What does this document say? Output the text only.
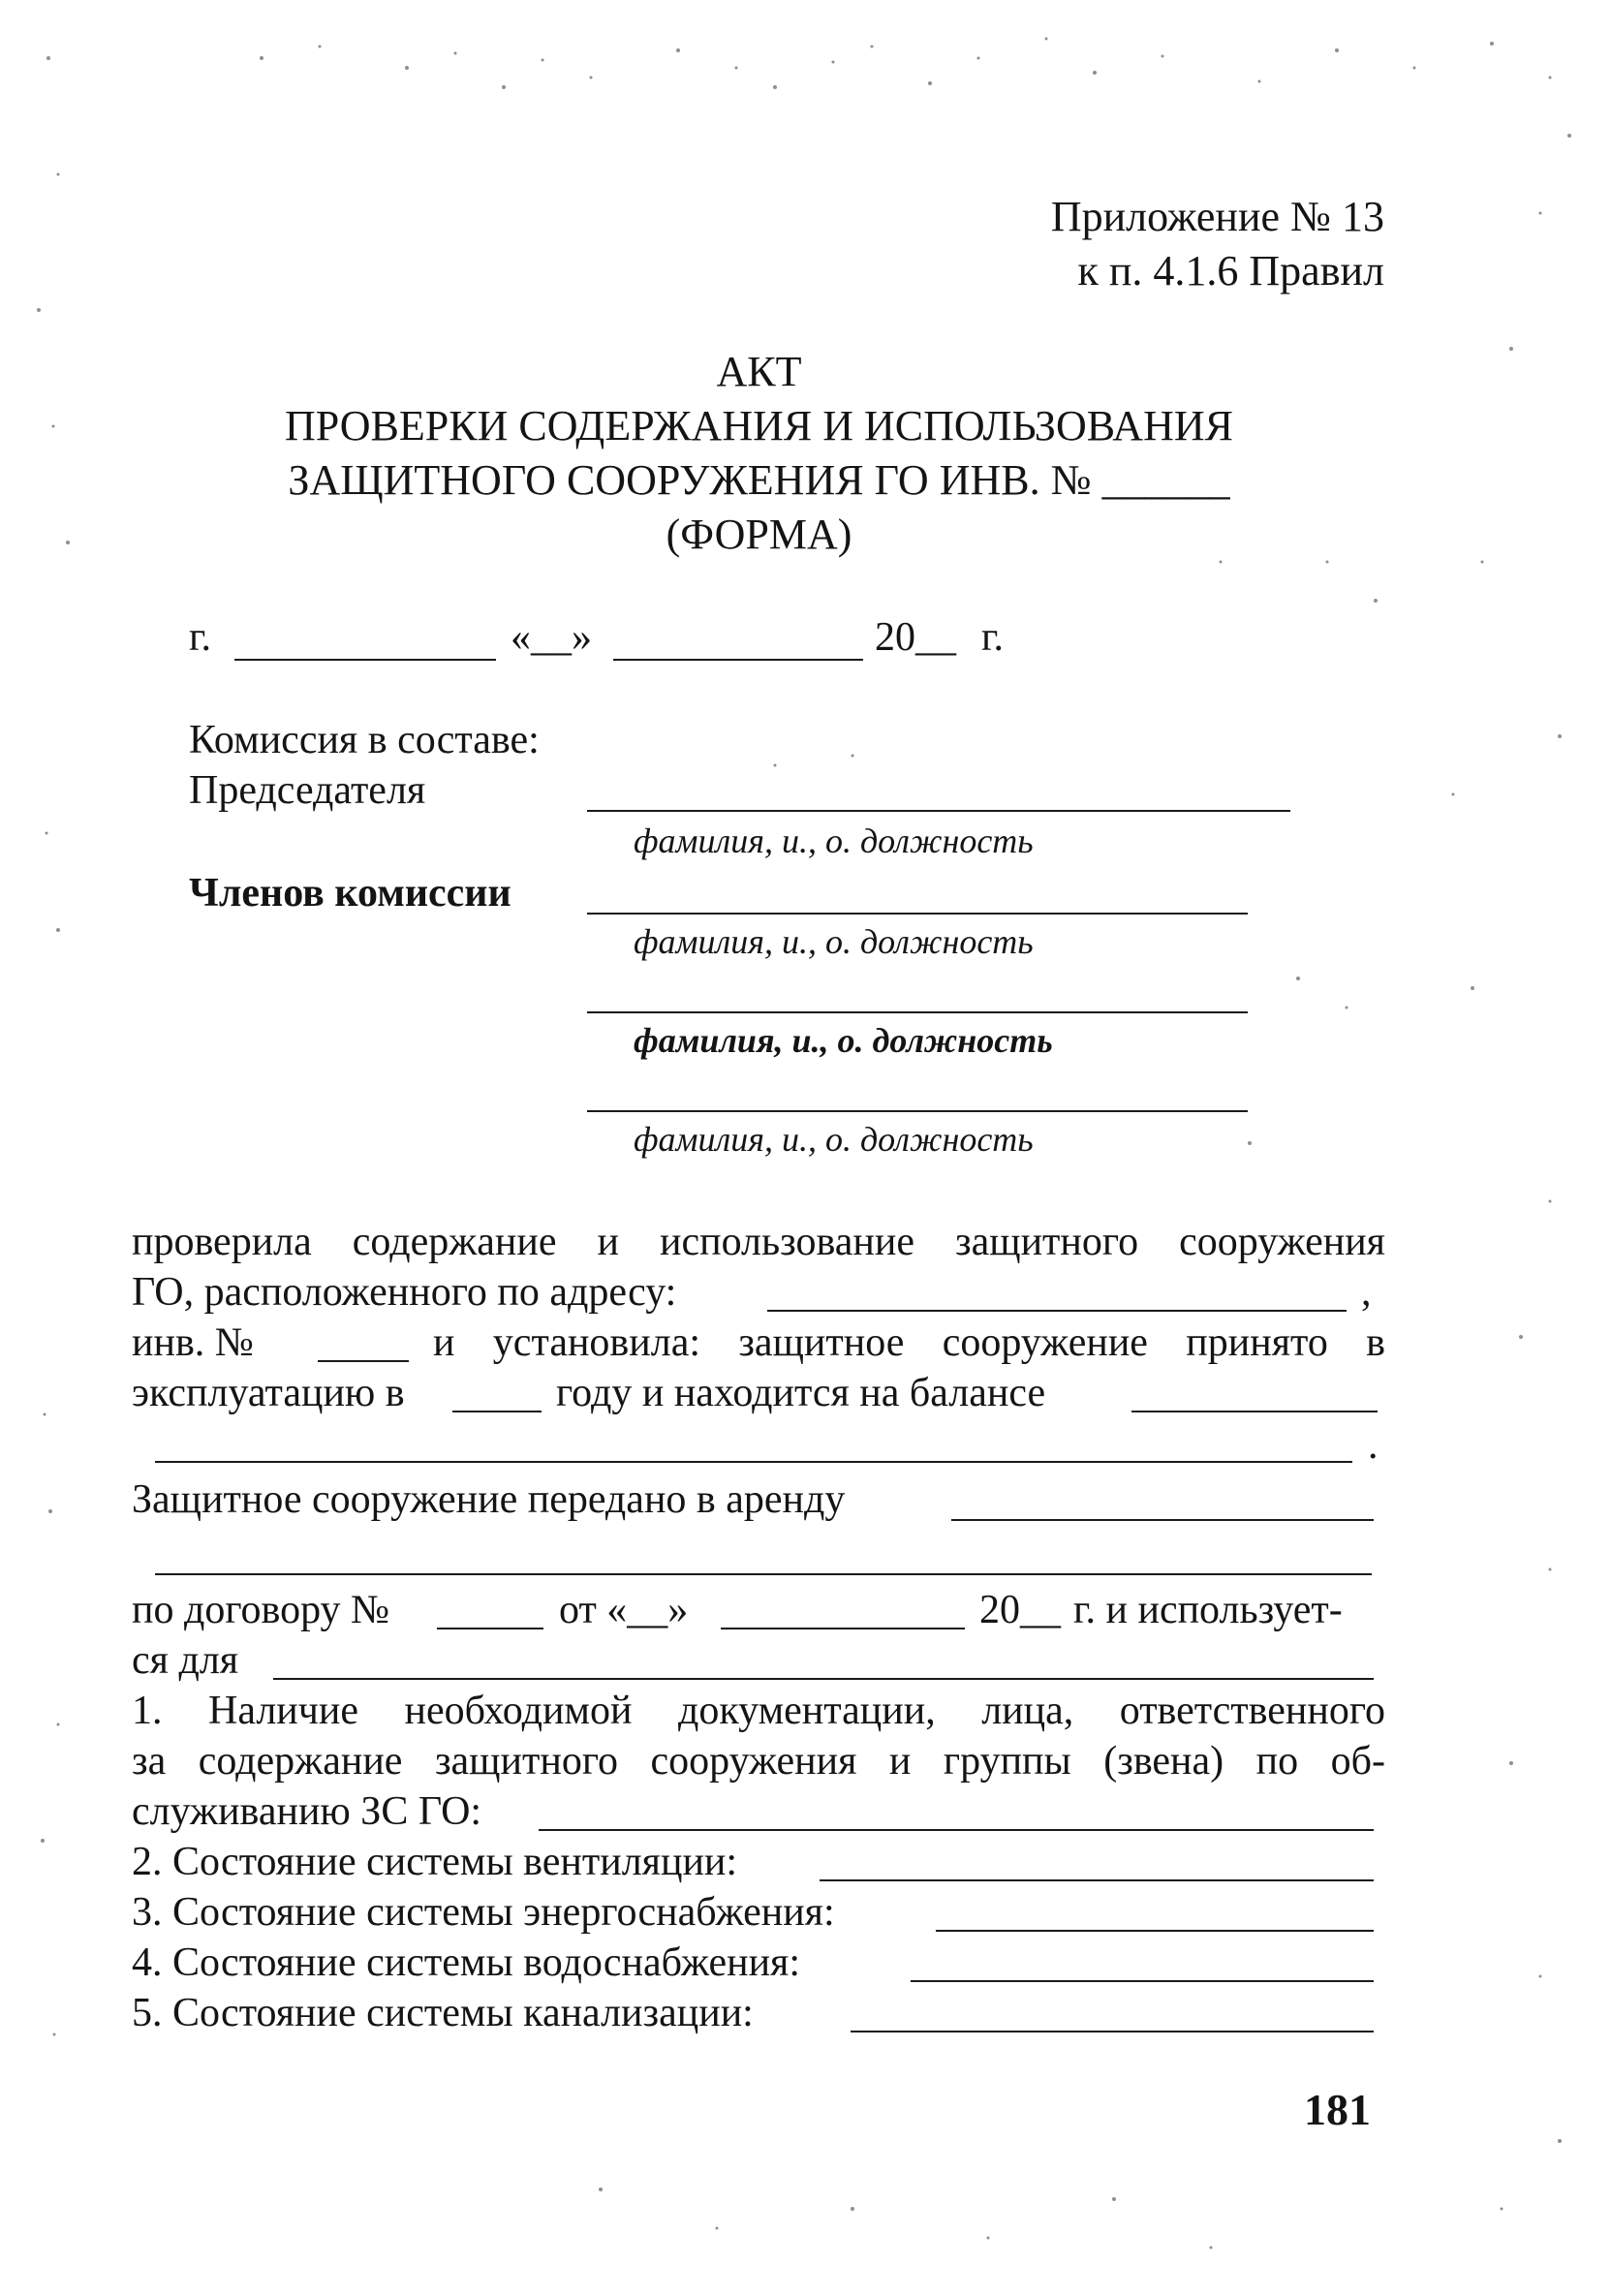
Приложение № 13
к п. 4.1.6 Правил
АКТ
ПРОВЕРКИ СОДЕРЖАНИЯ И ИСПОЛЬЗОВАНИЯ
ЗАЩИТНОГО СООРУЖЕНИЯ ГО ИНВ. № ______
(ФОРМА)
г.	«__»	20__ г.
Комиссия в составе:
Председателя
фамилия, и., о. должность
Членов комиссии
фамилия, и., о. должность
фамилия, и., о. должность
фамилия, и., о. должность
проверила содержание и использование защитного сооружения
ГО, расположенного по адресу:	,
инв. №	и установила: защитное сооружение принято в
эксплуатацию в	году и находится на балансе
.
Защитное сооружение передано в аренду
по договору №	от «__»	20__ г. и использует-
ся для
1. Наличие необходимой документации, лица, ответственного
за содержание защитного сооружения и группы (звена) по об-
служиванию ЗС ГО:
2. Состояние системы вентиляции:
3. Состояние системы энергоснабжения:
4. Состояние системы водоснабжения:
5. Состояние системы канализации:
181
